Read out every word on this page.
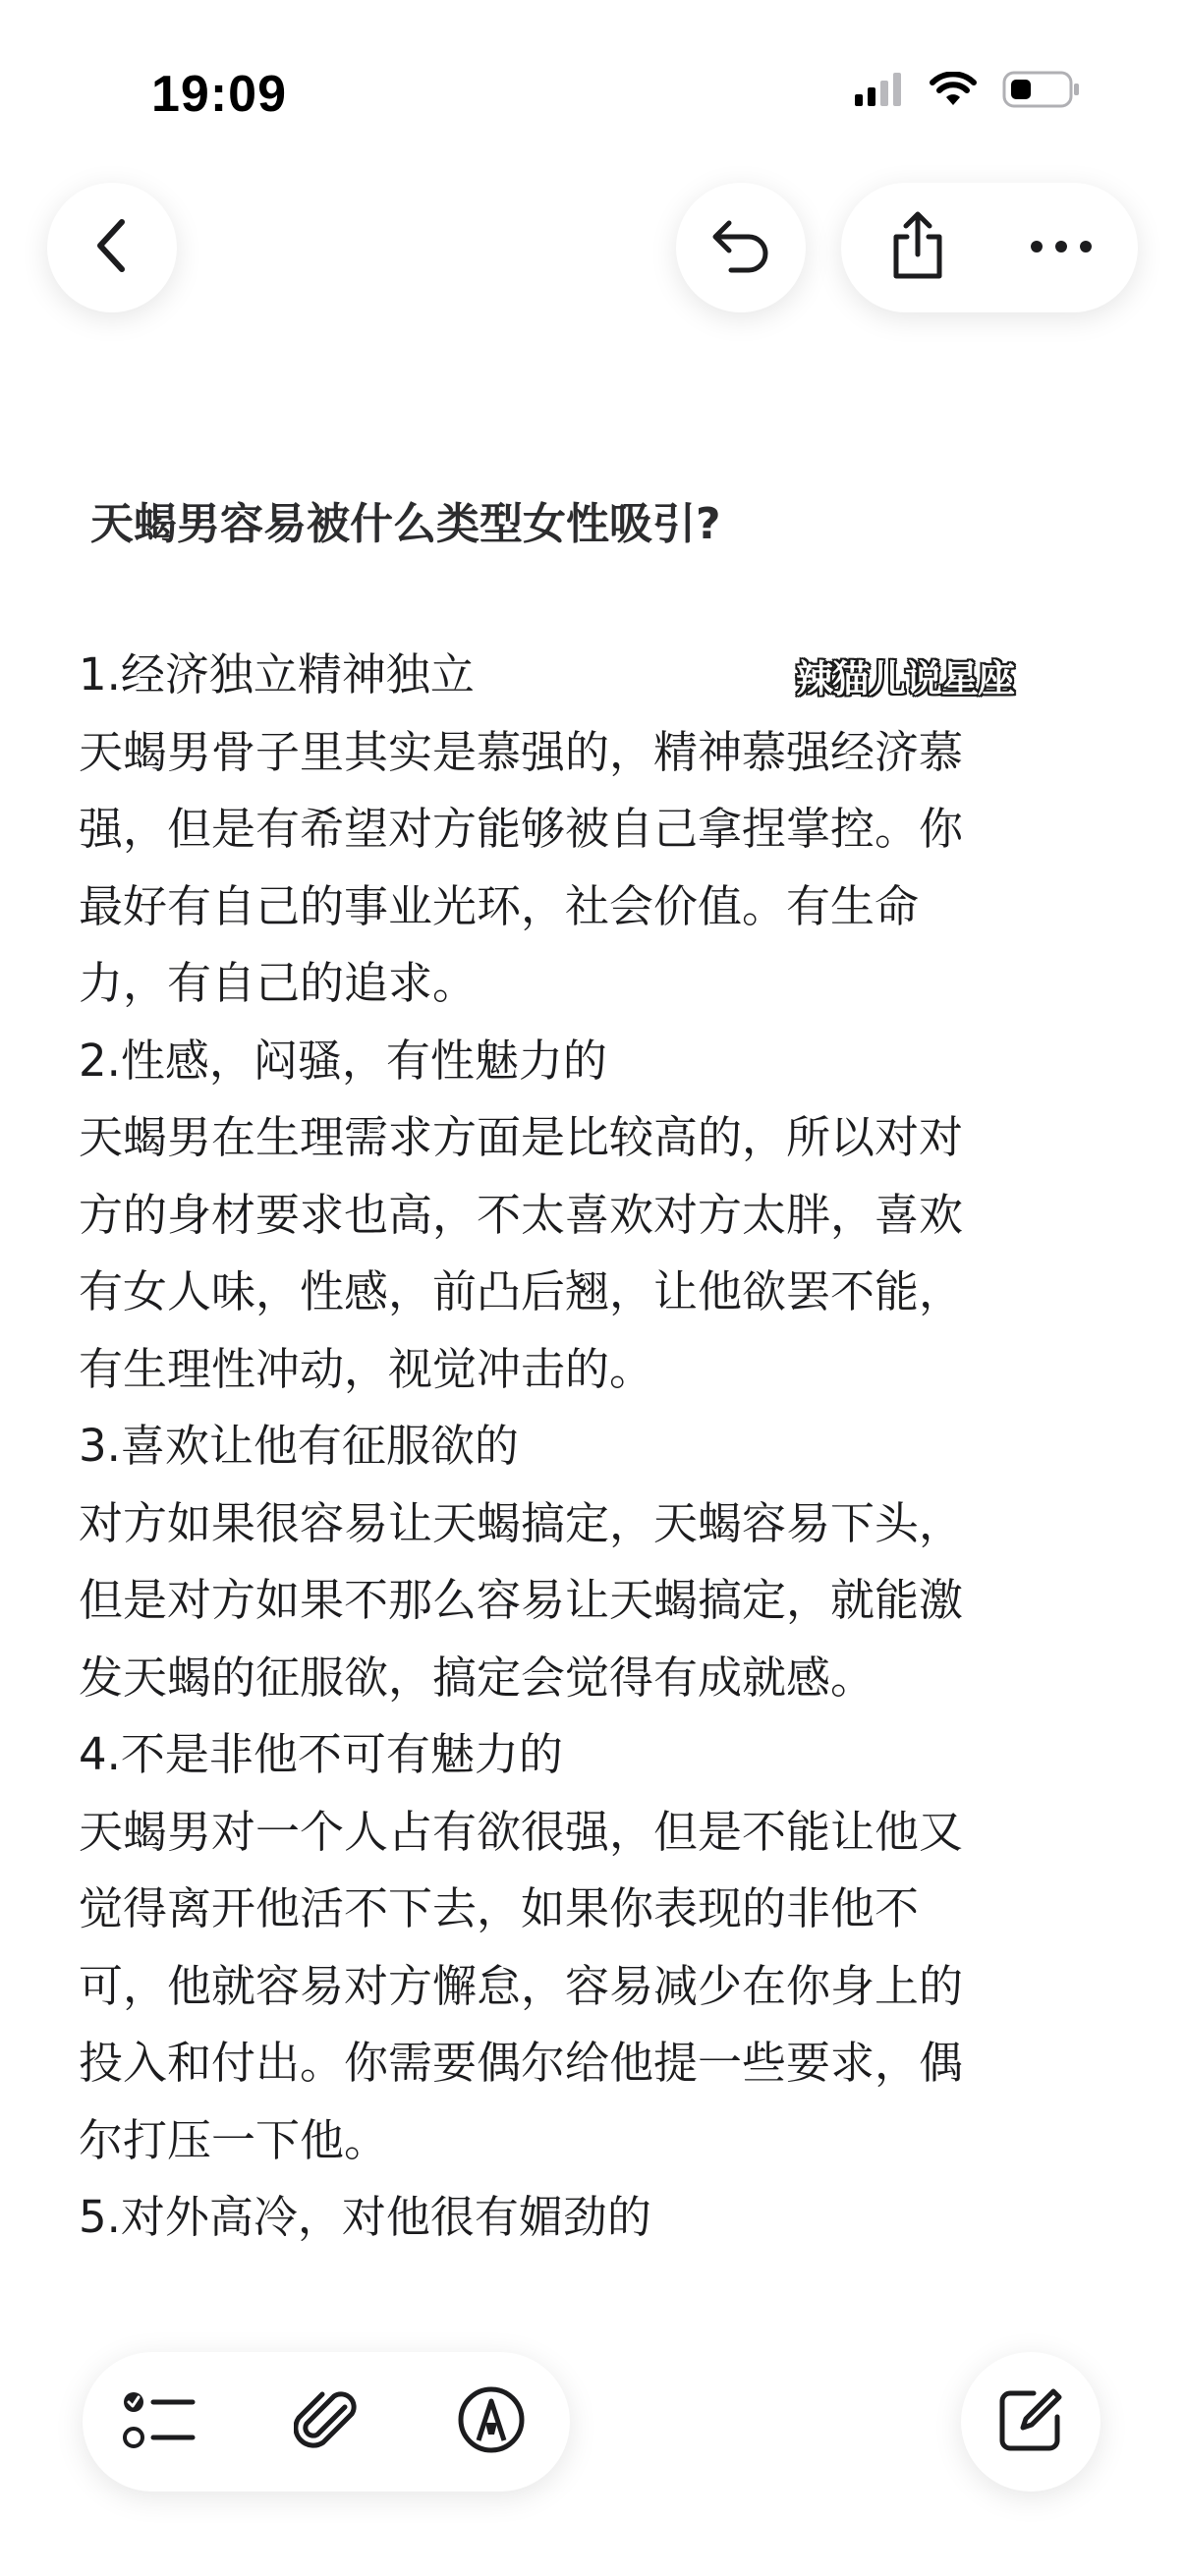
19:09
天蝎男容易被什么类型女性吸引?
1.经济独立精神独立
天蝎男骨子里其实是慕强的，精神慕强经济慕
强，但是有希望对方能够被自己拿捏掌控。你
最好有自己的事业光环，社会价值。有生命
力，有自己的追求。
2.性感，闷骚，有性魅力的
天蝎男在生理需求方面是比较高的，所以对对
方的身材要求也高，不太喜欢对方太胖，喜欢
有女人味，性感，前凸后翘，让他欲罢不能，
有生理性冲动，视觉冲击的。
3.喜欢让他有征服欲的
对方如果很容易让天蝎搞定，天蝎容易下头，
但是对方如果不那么容易让天蝎搞定，就能激
发天蝎的征服欲，搞定会觉得有成就感。
4.不是非他不可有魅力的
天蝎男对一个人占有欲很强，但是不能让他又
觉得离开他活不下去，如果你表现的非他不
可，他就容易对方懈怠，容易减少在你身上的
投入和付出。你需要偶尔给他提一些要求，偶
尔打压一下他。
5.对外高冷，对他很有媚劲的
辣猫儿说星座
